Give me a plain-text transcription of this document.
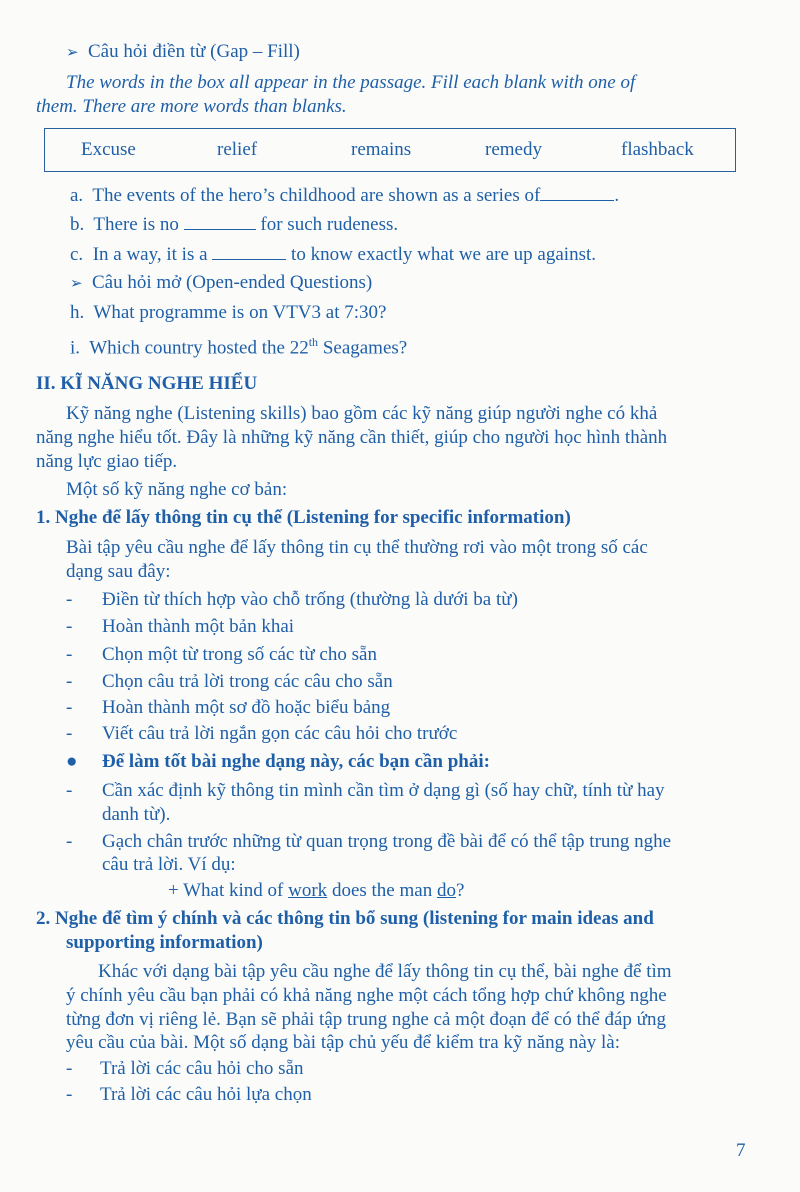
➢ Câu hỏi điền từ (Gap – Fill)
The words in the box all appear in the passage. Fill each blank with one of
them. There are more words than blanks.
Excuse	relief	remains	remedy	flashback
a. The events of the hero’s childhood are shown as a series of	.
b. There is no	for such rudeness.
c. In a way, it is a	to know exactly what we are up against.
➢ Câu hỏi mở (Open-ended Questions)
h. What programme is on VTV3 at 7:30?
i. Which country hosted the 22th Seagames?
II. KĨ NĂNG NGHE HIỂU
Kỹ năng nghe (Listening skills) bao gồm các kỹ năng giúp người nghe có khả
năng nghe hiểu tốt. Đây là những kỹ năng cần thiết, giúp cho người học hình thành
năng lực giao tiếp.
Một số kỹ năng nghe cơ bản:
1. Nghe để lấy thông tin cụ thể (Listening for specific information)
Bài tập yêu cầu nghe để lấy thông tin cụ thể thường rơi vào một trong số các
dạng sau đây:
- Điền từ thích hợp vào chỗ trống (thường là dưới ba từ)
- Hoàn thành một bản khai
- Chọn một từ trong số các từ cho sẵn
- Chọn câu trả lời trong các câu cho sẵn
- Hoàn thành một sơ đồ hoặc biểu bảng
- Viết câu trả lời ngắn gọn các câu hỏi cho trước
● Để làm tốt bài nghe dạng này, các bạn cần phải:
- Cần xác định kỹ thông tin mình cần tìm ở dạng gì (số hay chữ, tính từ hay
danh từ).
- Gạch chân trước những từ quan trọng trong đề bài để có thể tập trung nghe
câu trả lời. Ví dụ:
+ What kind of work does the man do?
2. Nghe để tìm ý chính và các thông tin bổ sung (listening for main ideas and
supporting information)
Khác với dạng bài tập yêu cầu nghe để lấy thông tin cụ thể, bài nghe để tìm
ý chính yêu cầu bạn phải có khả năng nghe một cách tổng hợp chứ không nghe
từng đơn vị riêng lẻ. Bạn sẽ phải tập trung nghe cả một đoạn để có thể đáp ứng
yêu cầu của bài. Một số dạng bài tập chủ yếu để kiểm tra kỹ năng này là:
- Trả lời các câu hỏi cho sẵn
- Trả lời các câu hỏi lựa chọn
7
